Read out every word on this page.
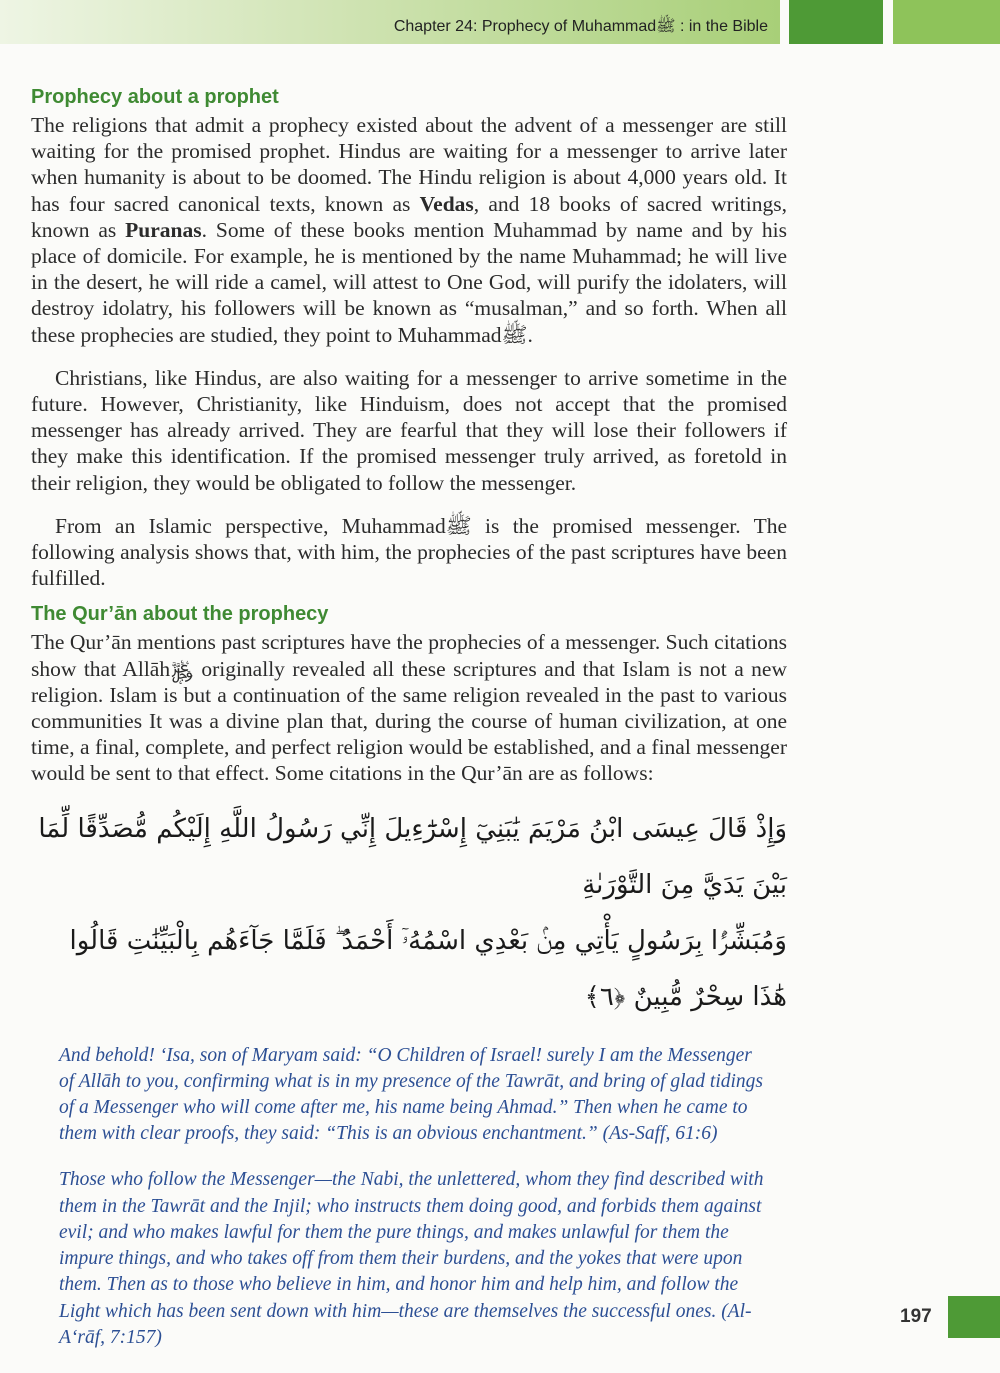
Chapter 24: Prophecy of Muhammadﷺ : in the Bible
Prophecy about a prophet

The religions that admit a prophecy existed about the advent of a messenger are still waiting for the promised prophet. Hindus are waiting for a messenger to arrive later when humanity is about to be doomed. The Hindu religion is about 4,000 years old. It has four sacred canonical texts, known as Vedas, and 18 books of sacred writings, known as Puranas. Some of these books mention Muhammad by name and by his place of domicile. For example, he is mentioned by the name Muhammad; he will live in the desert, he will ride a camel, will attest to One God, will purify the idolaters, will destroy idolatry, his followers will be known as “musalman,” and so forth. When all these prophecies are studied, they point to Muhammadﷺ.

Christians, like Hindus, are also waiting for a messenger to arrive sometime in the future. However, Christianity, like Hinduism, does not accept that the promised messenger has already arrived. They are fearful that they will lose their followers if they make this identification. If the promised messenger truly arrived, as foretold in their religion, they would be obligated to follow the messenger.

From an Islamic perspective, Muhammadﷺ is the promised messenger. The following analysis shows that, with him, the prophecies of the past scriptures have been fulfilled.

The Qur’ān about the prophecy

The Qur’ān mentions past scriptures have the prophecies of a messenger. Such citations show that Allāh﷿ originally revealed all these scriptures and that Islam is not a new religion. Islam is but a continuation of the same religion revealed in the past to various communities It was a divine plan that, during the course of human civilization, at one time, a final, complete, and perfect religion would be established, and a final messenger would be sent to that effect. Some citations in the Qur’ān are as follows:

وَإِذْ قَالَ عِيسَى ابْنُ مَرْيَمَ يَٰبَنِيٓ إِسْرَٰٓءِيلَ إِنِّي رَسُولُ اللَّهِ إِلَيْكُم مُّصَدِّقًا لِّمَا بَيْنَ يَدَيَّ مِنَ التَّوْرَىٰةِ
وَمُبَشِّرًۢا بِرَسُولٍ يَأْتِي مِنۢ بَعْدِي اسْمُهُۥٓ أَحْمَدُ ۖ فَلَمَّا جَآءَهُم بِالْبَيِّنَٰتِ قَالُوا هَٰذَا سِحْرٌ مُّبِينٌ ﴿٦﴾

And behold! ‘Isa, son of Maryam said: “O Children of Israel! surely I am the Messenger of Allāh to you, confirming what is in my presence of the Tawrāt, and bring of glad tidings of a Messenger who will come after me, his name being Ahmad.” Then when he came to them with clear proofs, they said: “This is an obvious enchantment.” (As-Saff, 61:6)

Those who follow the Messenger—the Nabi, the unlettered, whom they find described with them in the Tawrāt and the Injil; who instructs them doing good, and forbids them against evil; and who makes lawful for them the pure things, and makes unlawful for them the impure things, and who takes off from them their burdens, and the yokes that were upon them. Then as to those who believe in him, and honor him and help him, and follow the Light which has been sent down with him—these are themselves the successful ones. (Al-A‘rāf, 7:157)

197
